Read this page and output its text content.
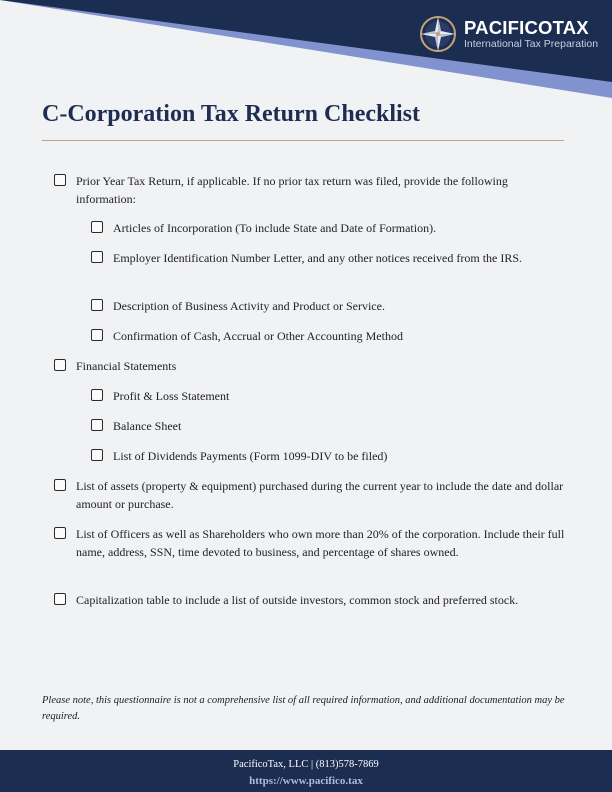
PACIFICOTAX
International Tax Preparation
C-Corporation Tax Return Checklist
Prior Year Tax Return, if applicable. If no prior tax return was filed, provide the following information:
Articles of Incorporation (To include State and Date of Formation).
Employer Identification Number Letter, and any other notices received from the IRS.
Description of Business Activity and Product or Service.
Confirmation of Cash, Accrual or Other Accounting Method
Financial Statements
Profit & Loss Statement
Balance Sheet
List of Dividends Payments (Form 1099-DIV to be filed)
List of assets (property & equipment) purchased during the current year to include the date and dollar amount or purchase.
List of Officers as well as Shareholders who own more than 20% of the corporation. Include their full name, address, SSN, time devoted to business, and percentage of shares owned.
Capitalization table to include a list of outside investors, common stock and preferred stock.
Please note, this questionnaire is not a comprehensive list of all required information, and additional documentation may be required.
PacificoTax, LLC | (813)578-7869
https://www.pacifico.tax
